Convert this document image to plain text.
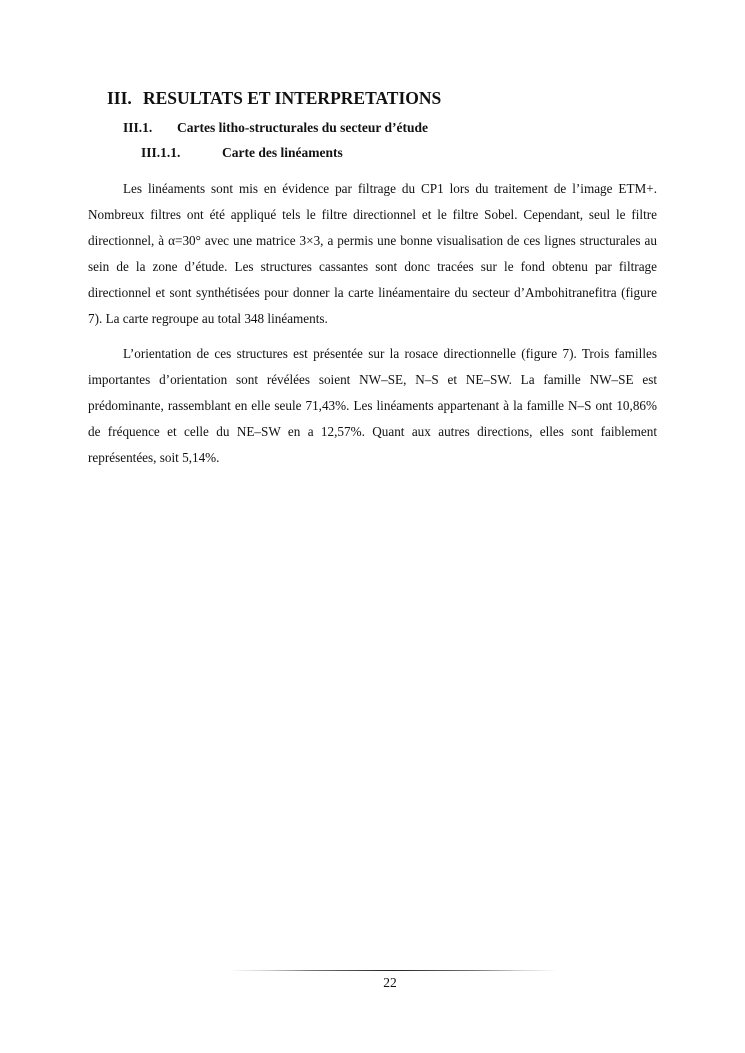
III. RESULTATS ET INTERPRETATIONS
III.1. Cartes litho-structurales du secteur d’étude
III.1.1.	Carte des linéaments

Les linéaments sont mis en évidence par filtrage du CP1 lors du traitement de l’image ETM+. Nombreux filtres ont été appliqué tels le filtre directionnel et le filtre Sobel. Cependant, seul le filtre directionnel, à α=30° avec une matrice 3×3, a permis une bonne visualisation de ces lignes structurales au sein de la zone d’étude. Les structures cassantes sont donc tracées sur le fond obtenu par filtrage directionnel et sont synthétisées pour donner la carte linéamentaire du secteur d’Ambohitranefitra (figure 7). La carte regroupe au total 348 linéaments.

L’orientation de ces structures est présentée sur la rosace directionnelle (figure 7). Trois familles importantes d’orientation sont révélées soient NW–SE, N–S et NE–SW. La famille NW–SE est prédominante, rassemblant en elle seule 71,43%. Les linéaments appartenant à la famille N–S ont 10,86% de fréquence et celle du NE–SW en a 12,57%. Quant aux autres directions, elles sont faiblement représentées, soit 5,14%.

22
